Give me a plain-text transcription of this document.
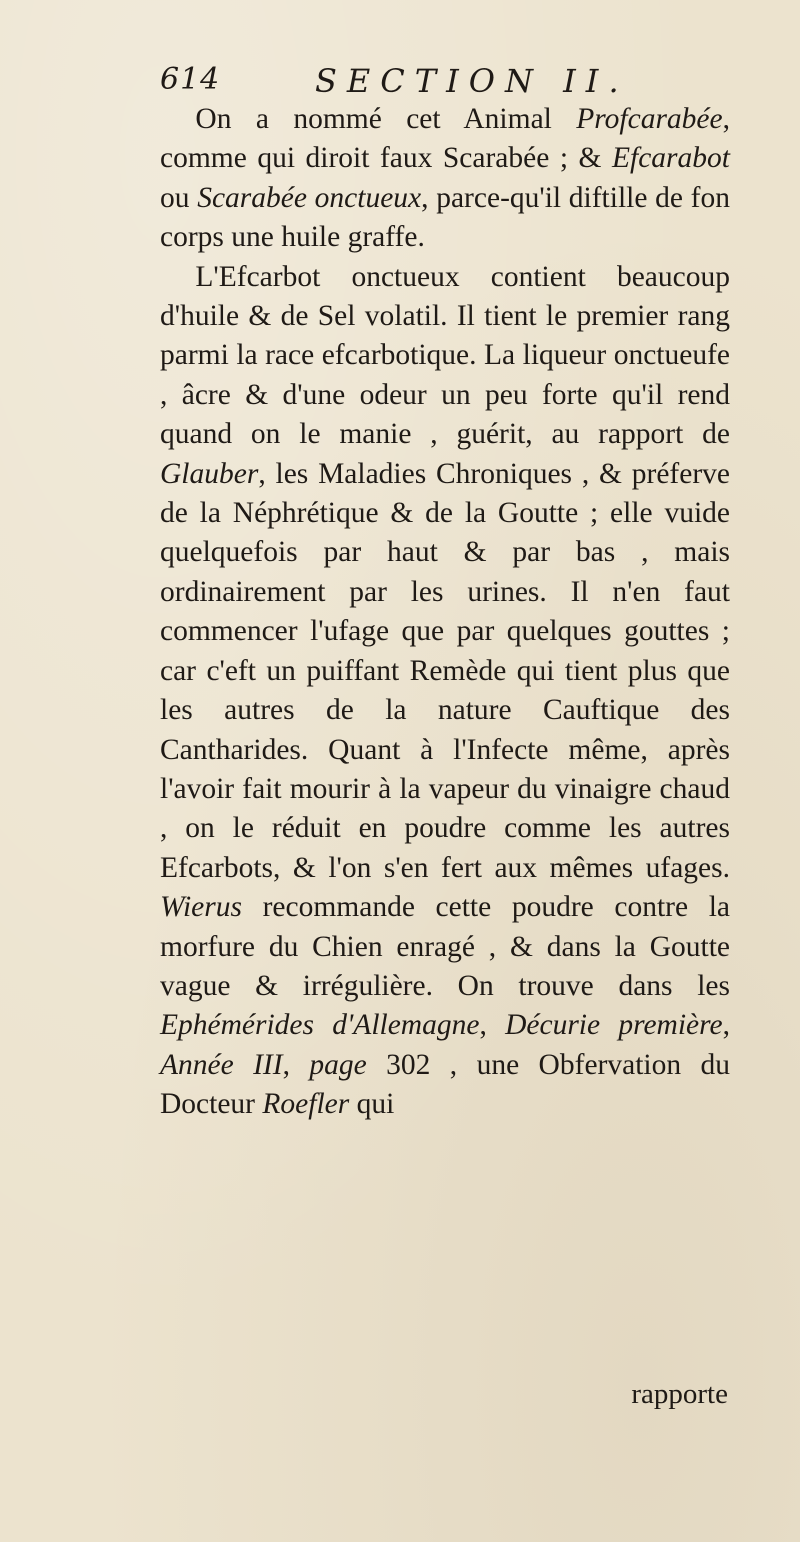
614	SECTION II.

On a nommé cet Animal Profcarabée, comme qui diroit faux Scarabée ; & Efcarabot ou Scarabée onctueux, parce-qu'il diftille de fon corps une huile graffe.

L'Efcarbot onctueux contient beaucoup d'huile & de Sel volatil. Il tient le premier rang parmi la race efcarbotique. La liqueur onctueufe , âcre & d'une odeur un peu forte qu'il rend quand on le manie , guérit, au rapport de Glauber, les Maladies Chroniques , & préferve de la Néphrétique & de la Goutte ; elle vuide quelquefois par haut & par bas , mais ordinairement par les urines. Il n'en faut commencer l'ufage que par quelques gouttes ; car c'eft un puiffant Remède qui tient plus que les autres de la nature Cauftique des Cantharides. Quant à l'Infecte même, après l'avoir fait mourir à la vapeur du vinaigre chaud , on le réduit en poudre comme les autres Efcarbots, & l'on s'en fert aux mêmes ufages. Wierus recommande cette poudre contre la morfure du Chien enragé , & dans la Goutte vague & irrégulière. On trouve dans les Ephémérides d'Allemagne, Décurie première, Année III, page 302 , une Obfervation du Docteur Roefler qui

rapporte
